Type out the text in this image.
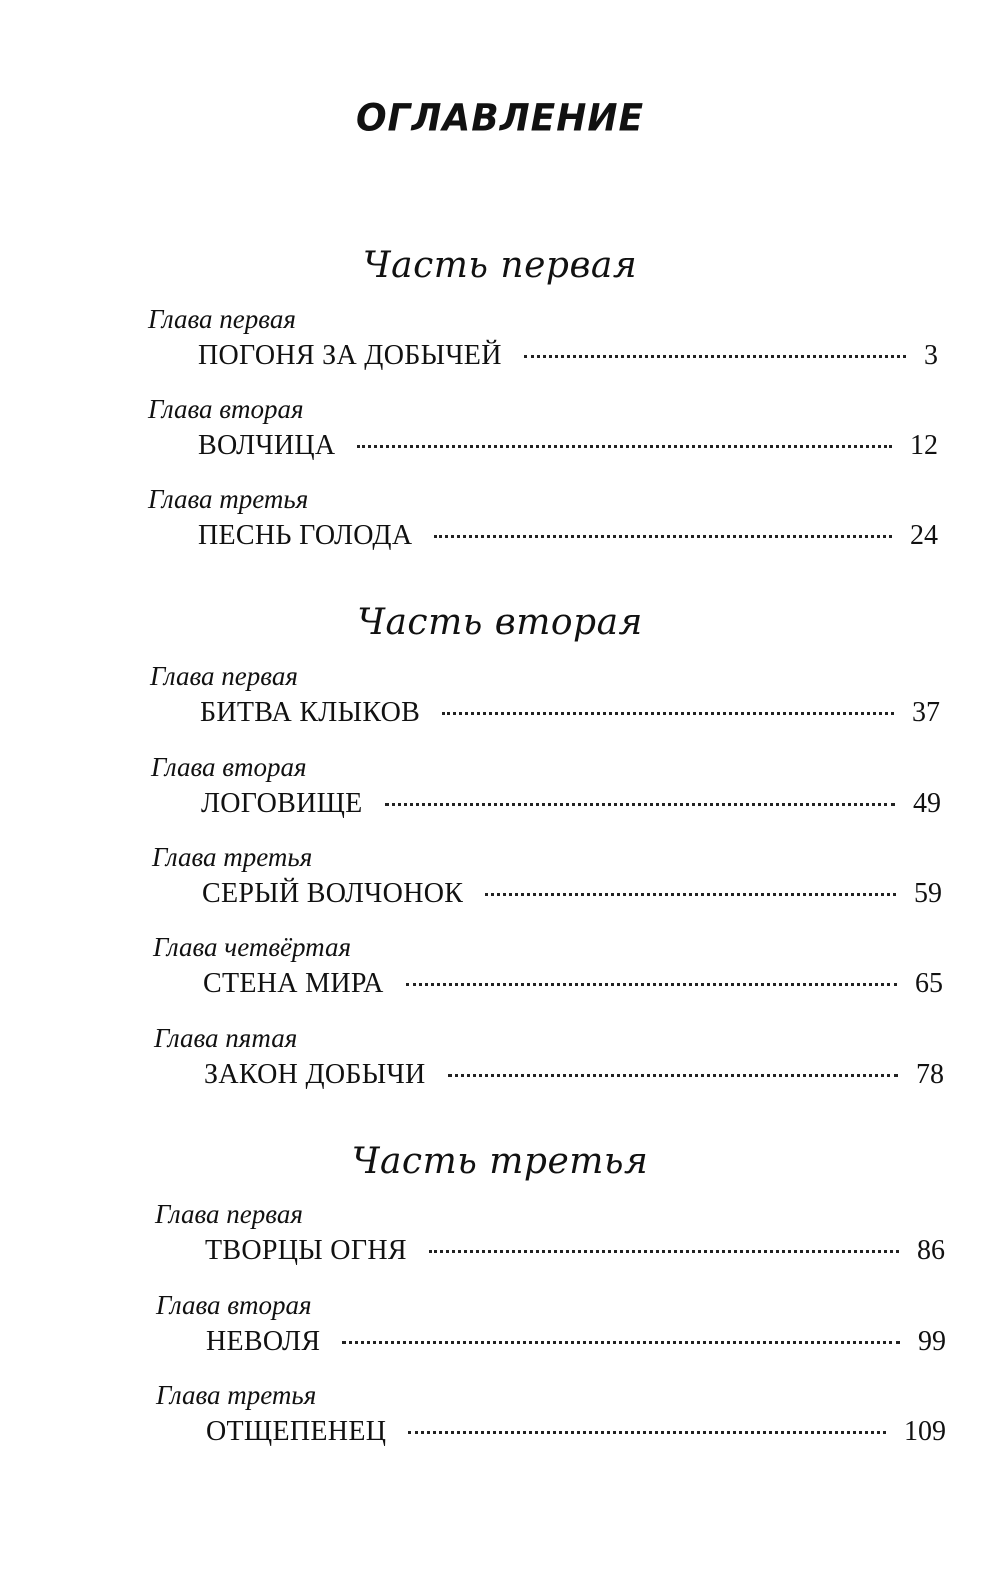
ОГЛАВЛЕНИЕ
Часть первая
Глава первая
ПОГОНЯ ЗА ДОБЫЧЕЙ	3
Глава вторая
ВОЛЧИЦА	12
Глава третья
ПЕСНЬ ГОЛОДА	24
Часть вторая
Глава первая
БИТВА КЛЫКОВ	37
Глава вторая
ЛОГОВИЩЕ	49
Глава третья
СЕРЫЙ ВОЛЧОНОК	59
Глава четвёртая
СТЕНА МИРА	65
Глава пятая
ЗАКОН ДОБЫЧИ	78
Часть третья
Глава первая
ТВОРЦЫ ОГНЯ	86
Глава вторая
НЕВОЛЯ	99
Глава третья
ОТЩЕПЕНЕЦ	109
